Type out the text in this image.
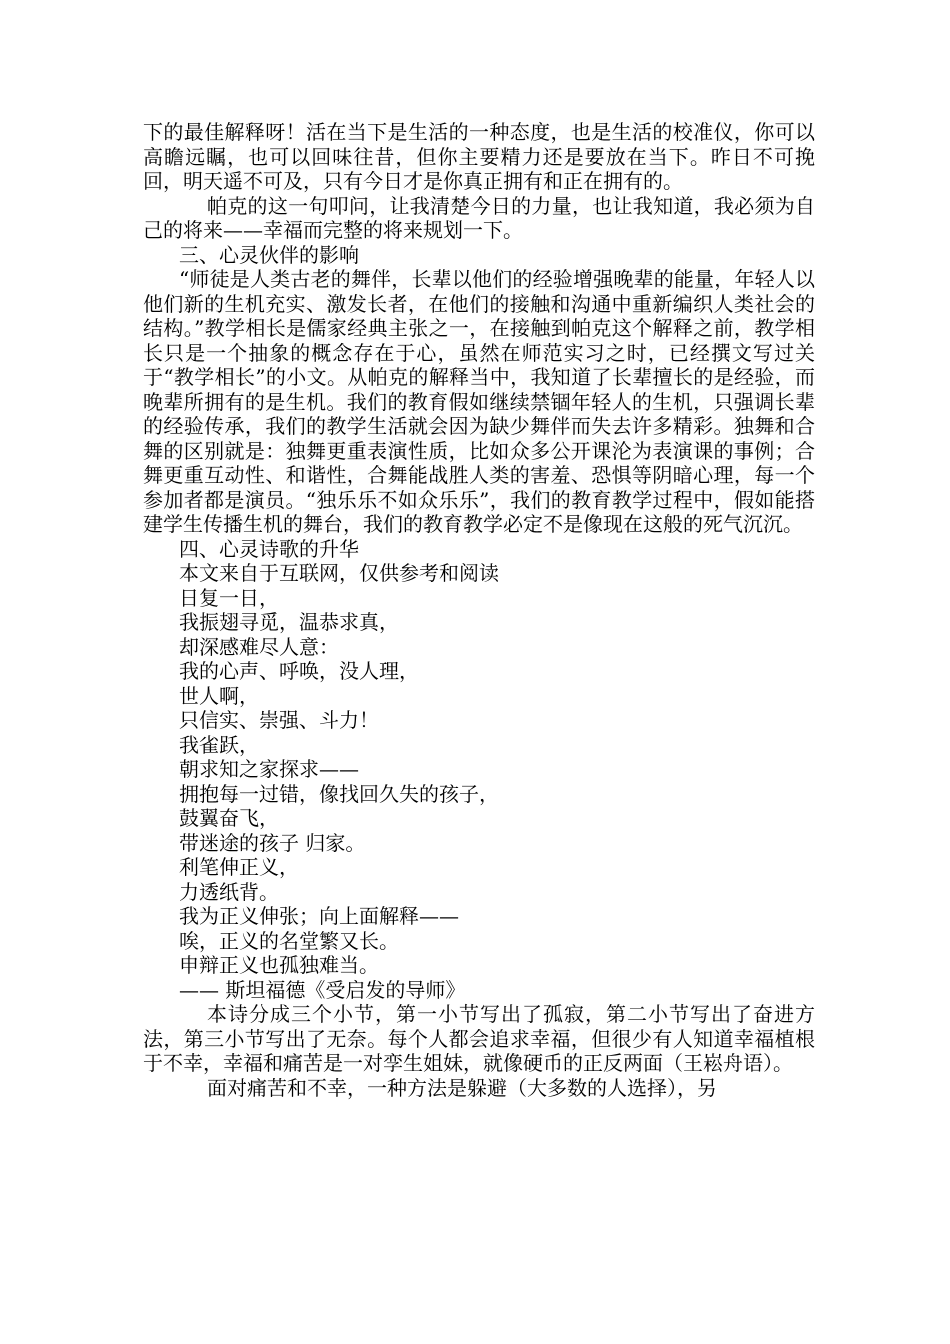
下的最佳解释呀！活在当下是生活的一种态度，也是生活的校准仪，你可以高瞻远瞩，也可以回味往昔，但你主要精力还是要放在当下。昨日不可挽回，明天遥不可及，只有今日才是你真正拥有和正在拥有的。

帕克的这一句叩问，让我清楚今日的力量，也让我知道，我必须为自己的将来——幸福而完整的将来规划一下。

三、心灵伙伴的影响

“师徒是人类古老的舞伴，长辈以他们的经验增强晚辈的能量，年轻人以他们新的生机充实、激发长者，在他们的接触和沟通中重新编织人类社会的结构。”教学相长是儒家经典主张之一，在接触到帕克这个解释之前，教学相长只是一个抽象的概念存在于心，虽然在师范实习之时，已经撰文写过关于“教学相长”的小文。从帕克的解释当中，我知道了长辈擅长的是经验，而晚辈所拥有的是生机。我们的教育假如继续禁锢年轻人的生机，只强调长辈的经验传承，我们的教学生活就会因为缺少舞伴而失去许多精彩。独舞和合舞的区别就是：独舞更重表演性质，比如众多公开课沦为表演课的事例；合舞更重互动性、和谐性，合舞能战胜人类的害羞、恐惧等阴暗心理，每一个参加者都是演员。“独乐乐不如众乐乐”，我们的教育教学过程中，假如能搭建学生传播生机的舞台，我们的教育教学必定不是像现在这般的死气沉沉。

四、心灵诗歌的升华

本文来自于互联网，仅供参考和阅读

日复一日，

我振翅寻觅，温恭求真，

却深感难尽人意：

我的心声、呼唤，没人理，

世人啊，

只信实、崇强、斗力！

我雀跃，

朝求知之家探求——

拥抱每一过错，像找回久失的孩子，

鼓翼奋飞，

带迷途的孩子 归家。

利笔伸正义，

力透纸背。

我为正义伸张；向上面解释——

唉，正义的名堂繁又长。

申辩正义也孤独难当。

—— 斯坦福德《受启发的导师》

本诗分成三个小节，第一小节写出了孤寂，第二小节写出了奋进方法，第三小节写出了无奈。每个人都会追求幸福，但很少有人知道幸福植根于不幸，幸福和痛苦是一对孪生姐妹，就像硬币的正反两面（王崧舟语）。

面对痛苦和不幸，一种方法是躲避（大多数的人选择），另
